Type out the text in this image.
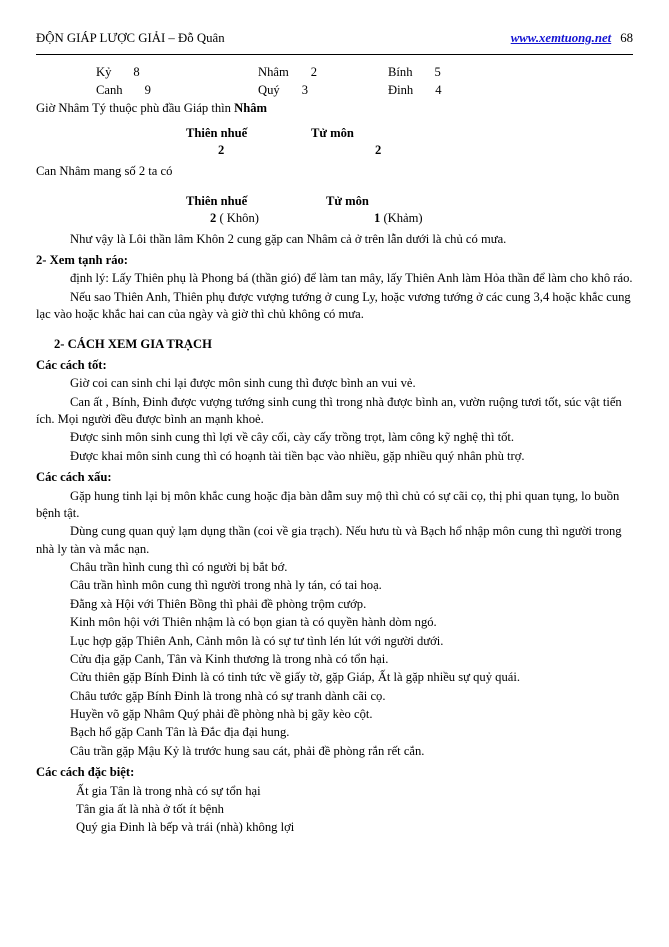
ĐỘN GIÁP LƯỢC GIẢI – Đỗ Quân	www.xemtuong.net 68
Kỷ 8	Nhâm 2	Bính 5
Canh 9	Quý 3	Đinh 4

Giờ Nhâm Tý thuộc phù đầu Giáp thìn Nhâm

Thiên nhuế	Tử môn
2	2

Can Nhâm mang số 2 ta có

Thiên nhuế	Tử môn
2 ( Khôn)	1 (Khảm)

Như vậy là Lôi thần lâm Khôn 2 cung gặp can Nhâm cả ở trên lẫn dưới là chủ có mưa.

2- Xem tạnh ráo:

định lý: Lấy Thiên phụ là Phong bá (thần gió) để làm tan mây, lấy Thiên Anh làm Hỏa thần để làm cho khô ráo.

Nếu sao Thiên Anh, Thiên phụ được vượng tướng ở cung Ly, hoặc vương tướng ở các cung 3,4 hoặc khắc cung lạc vào hoặc khắc hai can của ngày và giờ thì chủ không có mưa.

2- CÁCH XEM GIA TRẠCH

Các cách tốt:

Giờ coi can sinh chi lại được môn sinh cung thì được bình an vui vẻ.

Can ất , Bính, Đinh được vượng tướng sinh cung thì trong nhà được bình an, vườn ruộng tươi tốt, súc vật tiến ích. Mọi người đều được bình an mạnh khoẻ.

Được sinh môn sinh cung thì lợi về cây cối, cày cấy trồng trọt, làm công kỹ nghệ thì tốt.

Được khai môn sinh cung thì có hoạnh tài tiền bạc vào nhiều, gặp nhiều quý nhân phù trợ.

Các cách xấu:

Gặp hung tinh lại bị môn khắc cung hoặc địa bàn dẫm suy mộ thì chủ có sự cãi cọ, thị phi quan tụng, lo buồn bệnh tật.

Dùng cung quan quỷ lạm dụng thần (coi về gia trạch). Nếu hưu tù và Bạch hổ nhập môn cung thì người trong nhà ly tàn và mắc nạn.

Châu trần hình cung thì có người bị bắt bớ.

Câu trần hình môn cung thì người trong nhà ly tán, có tai hoạ.

Đằng xà Hội với Thiên Bồng thì phải đề phòng trộm cướp.

Kinh môn hội với Thiên nhậm là có bọn gian tà có quyền hành dòm ngó.

Lục hợp gặp Thiên Anh, Cảnh môn là có sự tư tình lén lút với người dưới.

Cửu địa gặp Canh, Tân và Kinh thương là trong nhà có tổn hại.

Cửu thiên gặp Bính Đinh là có tinh tức về giấy tờ, gặp Giáp, Ất là gặp nhiều sự quỷ quái.

Châu tước gặp Bính Đinh là trong nhà có sự tranh dành cãi cọ.

Huyền võ gặp Nhâm Quý phải đề phòng nhà bị gãy kèo cột.

Bạch hổ gặp Canh Tân là Đắc địa đại hung.

Câu trần gặp Mậu Kỷ là trước hung sau cát, phải đề phòng rắn rết cắn.

Các cách đặc biệt:

Ất gia Tân là trong nhà có sự tổn hại

Tân gia ất là nhà ở tốt ít bệnh

Quý gia Đinh là bếp và trái (nhà) không lợi
